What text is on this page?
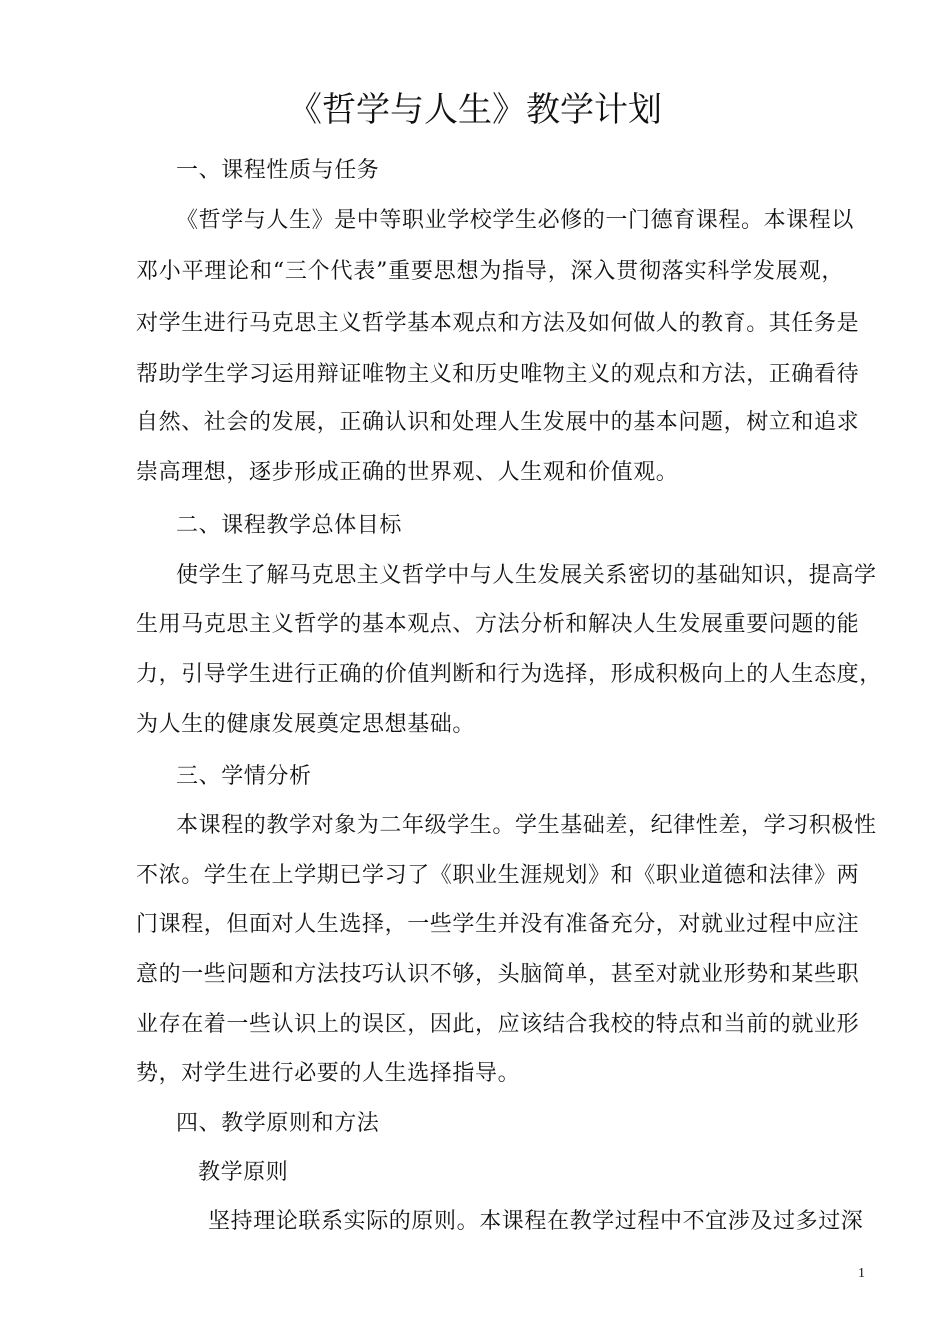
《哲学与人生》教学计划
一、课程性质与任务
《哲学与人生》是中等职业学校学生必修的一门德育课程。本课程以
邓小平理论和“三个代表”重要思想为指导，深入贯彻落实科学发展观，
对学生进行马克思主义哲学基本观点和方法及如何做人的教育。其任务是
帮助学生学习运用辩证唯物主义和历史唯物主义的观点和方法，正确看待
自然、社会的发展，正确认识和处理人生发展中的基本问题，树立和追求
崇高理想，逐步形成正确的世界观、人生观和价值观。
二、课程教学总体目标
使学生了解马克思主义哲学中与人生发展关系密切的基础知识，提高学
生用马克思主义哲学的基本观点、方法分析和解决人生发展重要问题的能
力，引导学生进行正确的价值判断和行为选择，形成积极向上的人生态度，
为人生的健康发展奠定思想基础。
三、学情分析
本课程的教学对象为二年级学生。学生基础差，纪律性差，学习积极性
不浓。学生在上学期已学习了《职业生涯规划》和《职业道德和法律》两
门课程，但面对人生选择，一些学生并没有准备充分，对就业过程中应注
意的一些问题和方法技巧认识不够，头脑简单，甚至对就业形势和某些职
业存在着一些认识上的误区，因此，应该结合我校的特点和当前的就业形
势，对学生进行必要的人生选择指导。
四、教学原则和方法
教学原则
坚持理论联系实际的原则。本课程在教学过程中不宜涉及过多过深
1
